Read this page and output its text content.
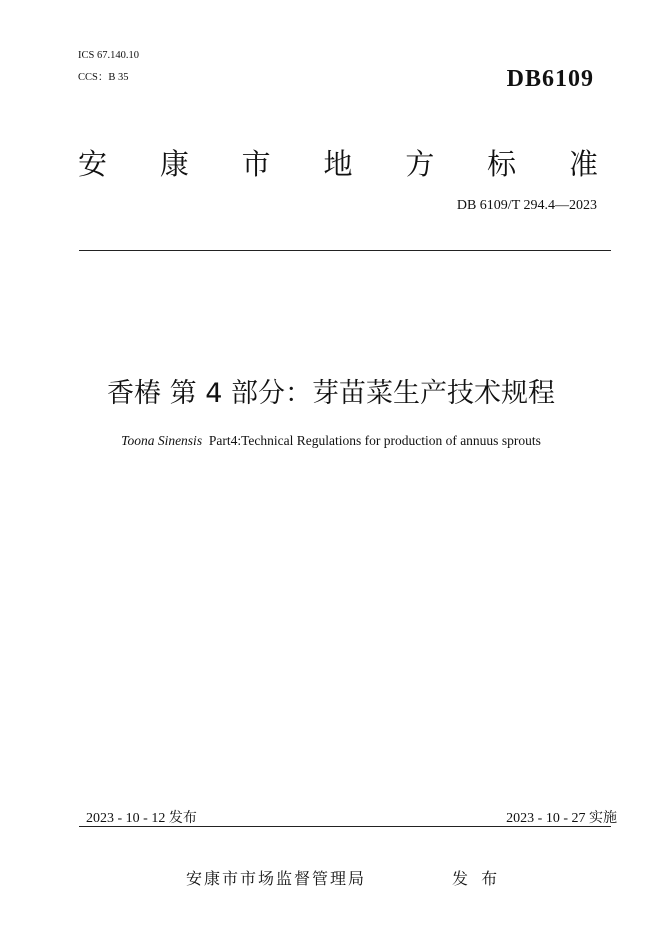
ICS 67.140.10
CCS：B 35	DB6109
安 康 市 地 方 标 准
DB 6109/T 294.4—2023
香椿 第 4 部分：芽苗菜生产技术规程
Toona Sinensis Part4:Technical Regulations for production of annuus sprouts
2023 - 10 - 12 发布	2023 - 10 - 27 实施
安康市市场监督管理局	发 布
